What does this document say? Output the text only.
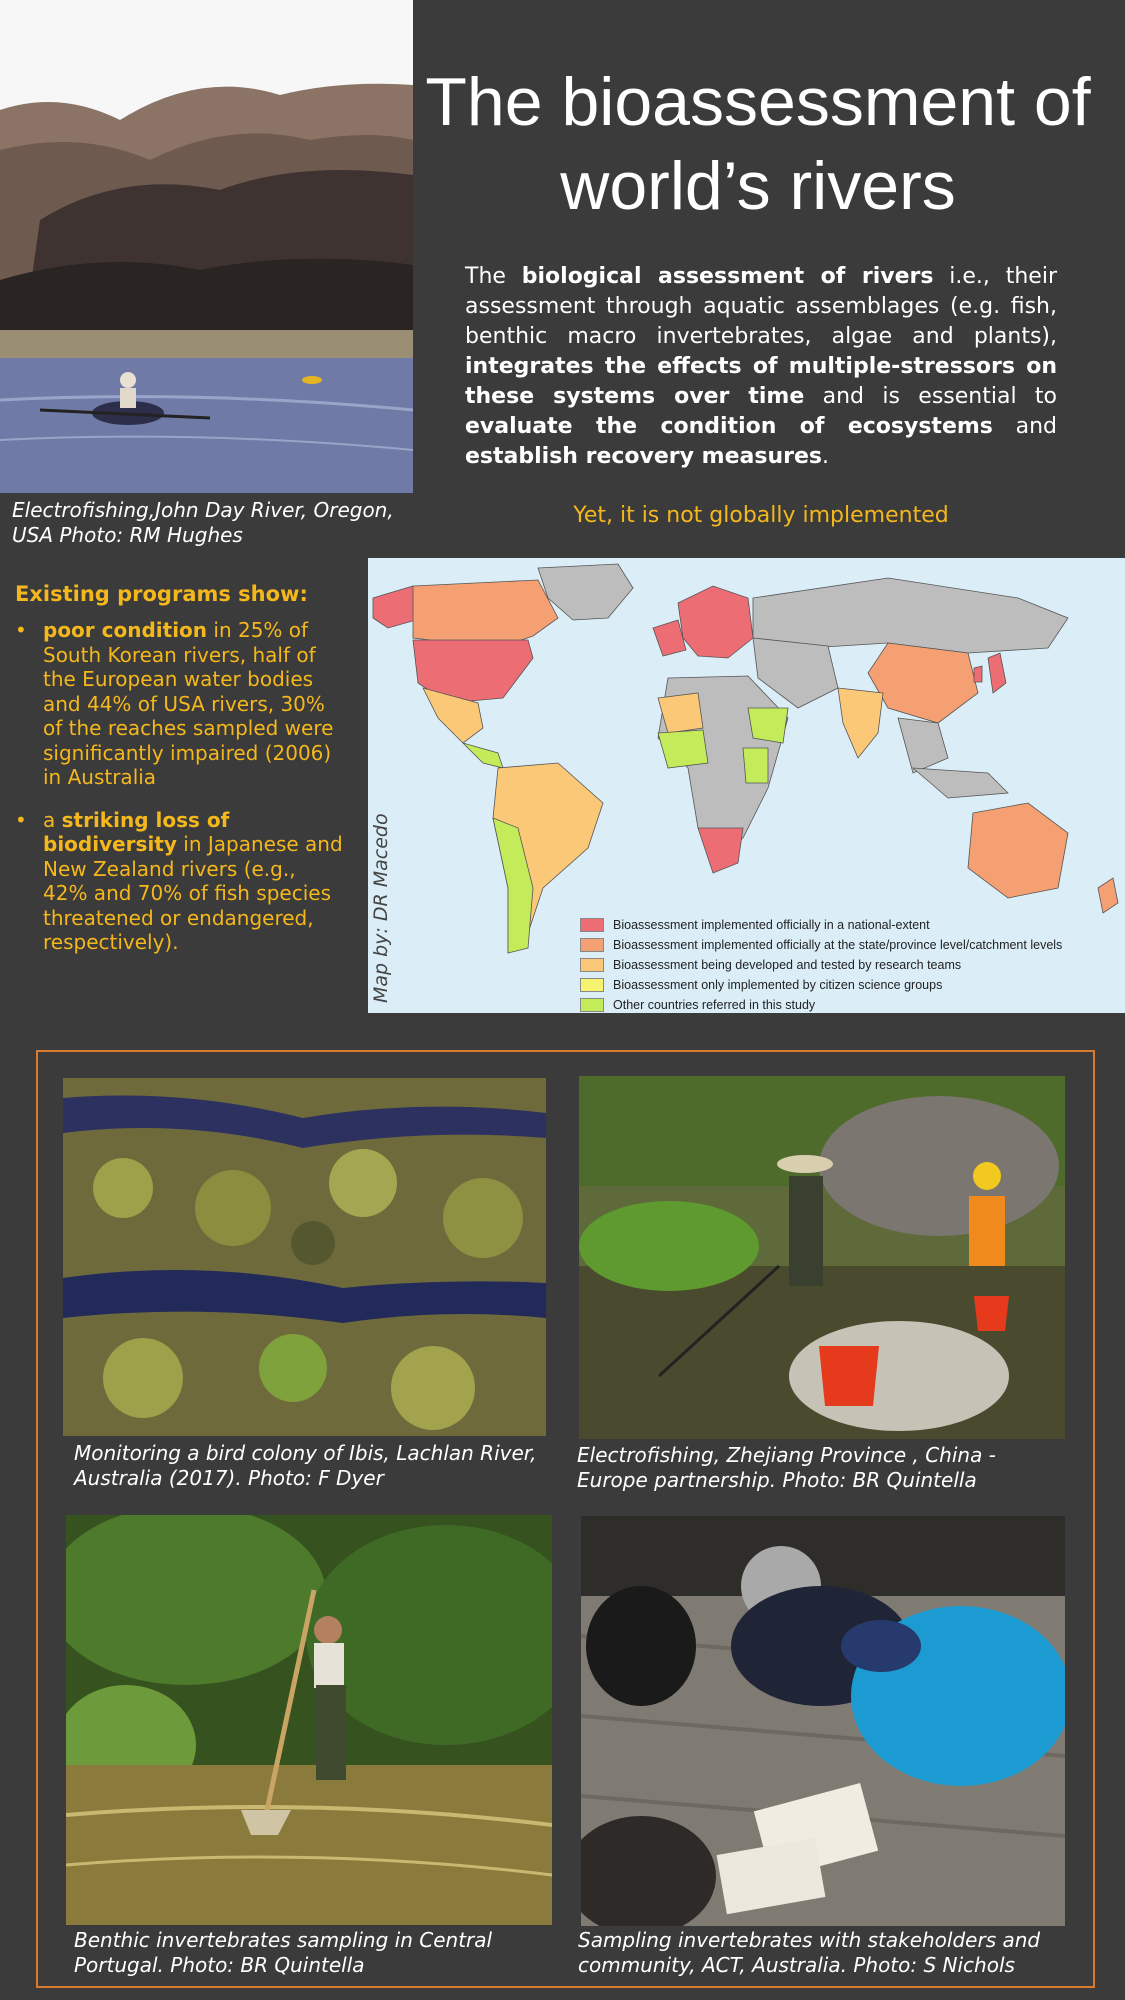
Electrofishing,John Day River, Oregon, USA Photo: RM Hughes
The bioassessment of world’s rivers
The biological assessment of rivers i.e., their assessment through aquatic assemblages (e.g. fish, benthic macro invertebrates, algae and plants), integrates the effects of multiple-stressors on these systems over time and is essential to evaluate the condition of ecosystems and establish recovery measures.
Yet, it is not globally implemented
Existing programs show:
• poor condition in 25% of South Korean rivers, half of the European water bodies and 44% of USA rivers, 30% of the reaches sampled were significantly impaired (2006) in Australia
• a striking loss of biodiversity in Japanese and New Zealand rivers (e.g., 42% and 70% of fish species threatened or endangered, respectively).	Map by: DR Macedo	Bioassessment implemented officially in a national-extent
Bioassessment implemented officially at the state/province level/catchment levels
Bioassessment being developed and tested by research teams
Bioassessment only implemented by citizen science groups
Other countries referred in this study
Monitoring a bird colony of Ibis, Lachlan River, Australia (2017). Photo: F Dyer
Electrofishing, Zhejiang Province , China - Europe partnership. Photo: BR Quintella
Benthic invertebrates sampling in Central Portugal. Photo: BR Quintella
Sampling invertebrates with stakeholders and community, ACT, Australia. Photo: S Nichols
